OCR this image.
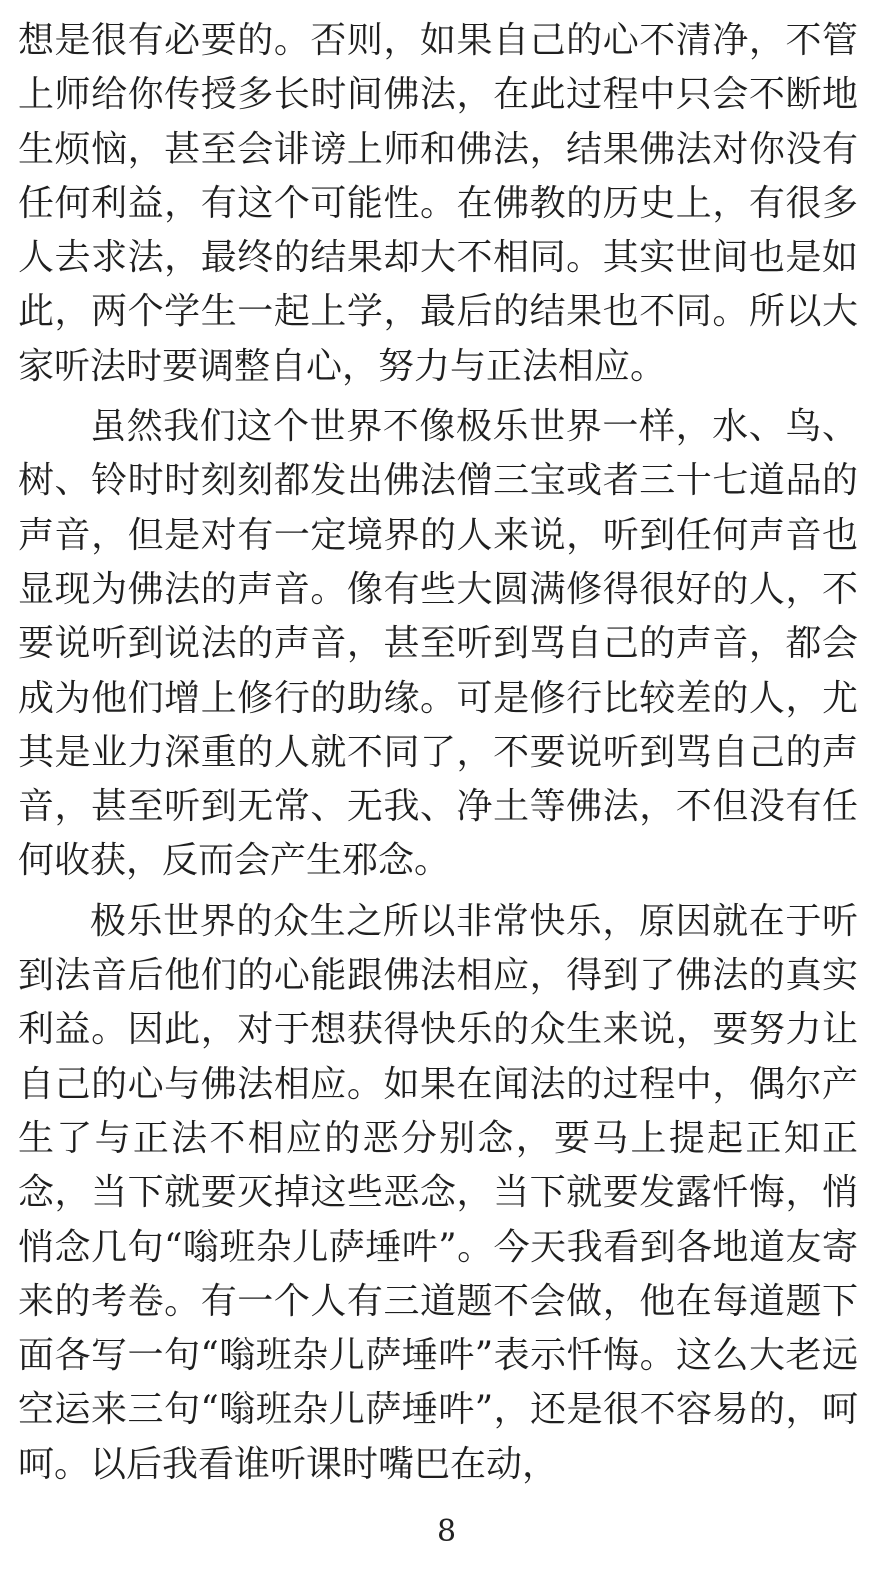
想是很有必要的。否则，如果自己的心不清净，不管上师给你传授多长时间佛法，在此过程中只会不断地生烦恼，甚至会诽谤上师和佛法，结果佛法对你没有任何利益，有这个可能性。在佛教的历史上，有很多人去求法，最终的结果却大不相同。其实世间也是如此，两个学生一起上学，最后的结果也不同。所以大家听法时要调整自心，努力与正法相应。

虽然我们这个世界不像极乐世界一样，水、鸟、树、铃时时刻刻都发出佛法僧三宝或者三十七道品的声音，但是对有一定境界的人来说，听到任何声音也显现为佛法的声音。像有些大圆满修得很好的人，不要说听到说法的声音，甚至听到骂自己的声音，都会成为他们增上修行的助缘。可是修行比较差的人，尤其是业力深重的人就不同了，不要说听到骂自己的声音，甚至听到无常、无我、净土等佛法，不但没有任何收获，反而会产生邪念。

极乐世界的众生之所以非常快乐，原因就在于听到法音后他们的心能跟佛法相应，得到了佛法的真实利益。因此，对于想获得快乐的众生来说，要努力让自己的心与佛法相应。如果在闻法的过程中，偶尔产生了与正法不相应的恶分别念，要马上提起正知正念，当下就要灭掉这些恶念，当下就要发露忏悔，悄悄念几句“嗡班杂儿萨埵吽”。今天我看到各地道友寄来的考卷。有一个人有三道题不会做，他在每道题下面各写一句“嗡班杂儿萨埵吽”表示忏悔。这么大老远空运来三句“嗡班杂儿萨埵吽”，还是很不容易的，呵呵。以后我看谁听课时嘴巴在动，

8
